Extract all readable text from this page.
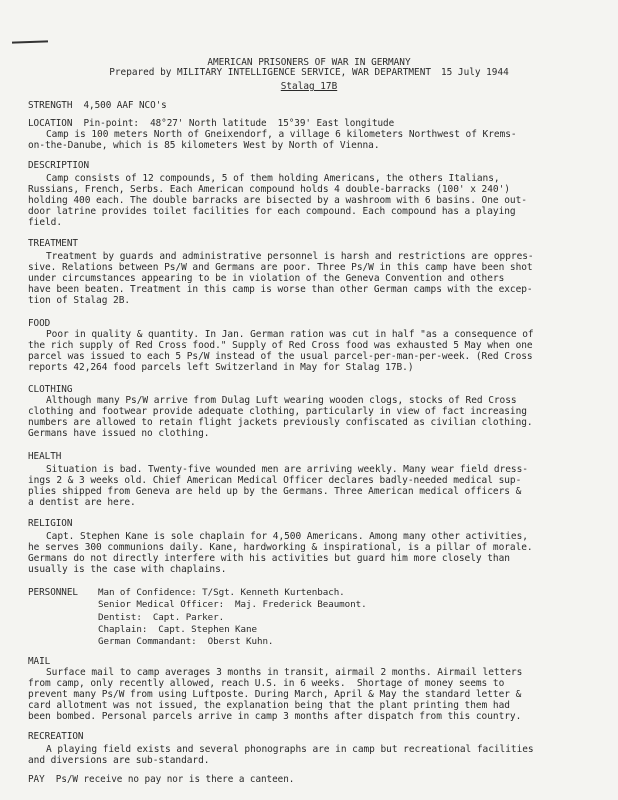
AMERICAN PRISONERS OF WAR IN GERMANY
Prepared by MILITARY INTELLIGENCE SERVICE, WAR DEPARTMENT 15 July 1944
Stalag 17B
STRENGTH 4,500 AAF NCO's
LOCATION Pin-point:  48°27' North latitude  15°39' East longitude
Camp is 100 meters North of Gneixendorf, a village 6 kilometers Northwest of Krems-
on-the-Danube, which is 85 kilometers West by North of Vienna.
DESCRIPTION
Camp consists of 12 compounds, 5 of them holding Americans, the others Italians,
Russians, French, Serbs. Each American compound holds 4 double-barracks (100' x 240')
holding 400 each. The double barracks are bisected by a washroom with 6 basins. One out-
door latrine provides toilet facilities for each compound. Each compound has a playing
field.
TREATMENT
Treatment by guards and administrative personnel is harsh and restrictions are oppres-
sive. Relations between Ps/W and Germans are poor. Three Ps/W in this camp have been shot
under circumstances appearing to be in violation of the Geneva Convention and others
have been beaten. Treatment in this camp is worse than other German camps with the excep-
tion of Stalag 2B.
FOOD
Poor in quality & quantity. In Jan. German ration was cut in half "as a consequence of
the rich supply of Red Cross food." Supply of Red Cross food was exhausted 5 May when one
parcel was issued to each 5 Ps/W instead of the usual parcel-per-man-per-week. (Red Cross
reports 42,264 food parcels left Switzerland in May for Stalag 17B.)
CLOTHING
Although many Ps/W arrive from Dulag Luft wearing wooden clogs, stocks of Red Cross
clothing and footwear provide adequate clothing, particularly in view of fact increasing
numbers are allowed to retain flight jackets previously confiscated as civilian clothing.
Germans have issued no clothing.
HEALTH
Situation is bad. Twenty-five wounded men are arriving weekly. Many wear field dress-
ings 2 & 3 weeks old. Chief American Medical Officer declares badly-needed medical sup-
plies shipped from Geneva are held up by the Germans. Three American medical officers &
a dentist are here.
RELIGION
Capt. Stephen Kane is sole chaplain for 4,500 Americans. Among many other activities,
he serves 300 communions daily. Kane, hardworking & inspirational, is a pillar of morale.
Germans do not directly interfere with his activities but guard him more closely than
usually is the case with chaplains.
PERSONNEL Man of Confidence: T/Sgt. Kenneth Kurtenbach.
Senior Medical Officer:  Maj. Frederick Beaumont.
Dentist:  Capt. Parker.
Chaplain:  Capt. Stephen Kane
German Commandant:  Oberst Kuhn.
MAIL
Surface mail to camp averages 3 months in transit, airmail 2 months. Airmail letters
from camp, only recently allowed, reach U.S. in 6 weeks.  Shortage of money seems to
prevent many Ps/W from using Luftposte. During March, April & May the standard letter &
card allotment was not issued, the explanation being that the plant printing them had
been bombed. Personal parcels arrive in camp 3 months after dispatch from this country.
RECREATION
A playing field exists and several phonographs are in camp but recreational facilities
and diversions are sub-standard.
PAY Ps/W receive no pay nor is there a canteen.
